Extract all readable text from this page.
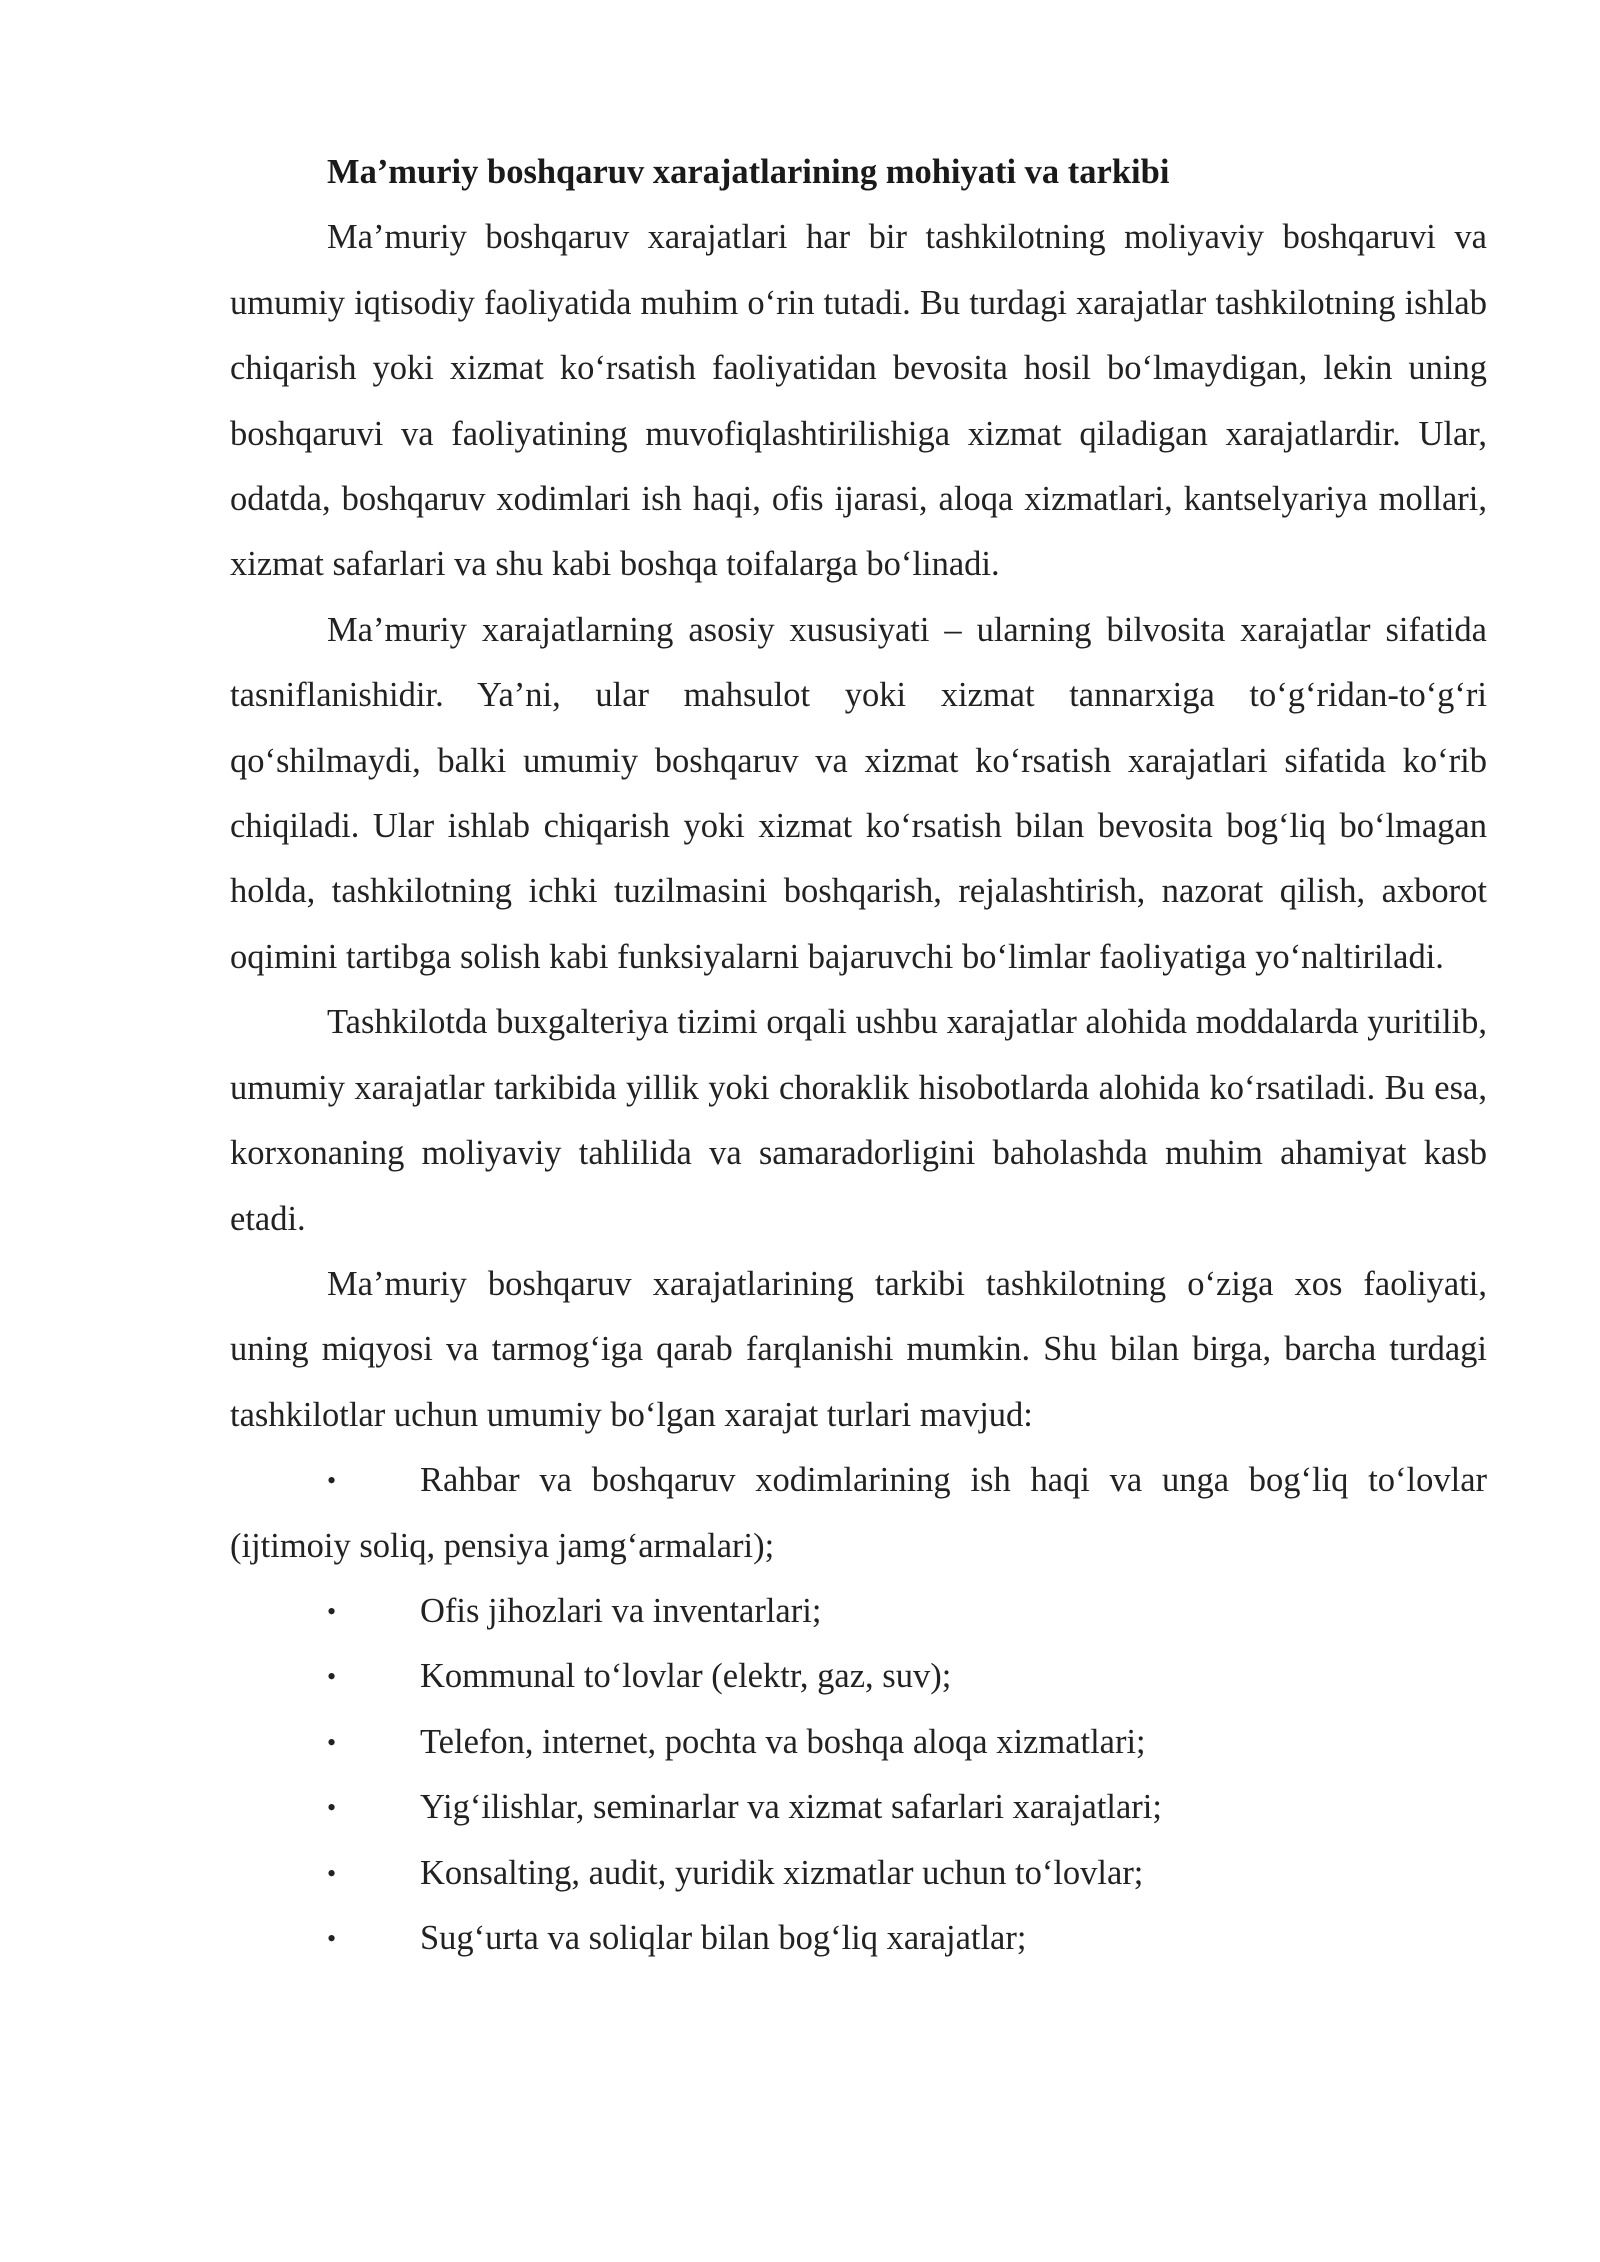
Ma’muriy boshqaruv xarajatlarining mohiyati va tarkibi

Ma’muriy boshqaruv xarajatlari har bir tashkilotning moliyaviy boshqaruvi va umumiy iqtisodiy faoliyatida muhim o‘rin tutadi. Bu turdagi xarajatlar tashkilotning ishlab chiqarish yoki xizmat ko‘rsatish faoliyatidan bevosita hosil bo‘lmaydigan, lekin uning boshqaruvi va faoliyatining muvofiqlashtirilishiga xizmat qiladigan xarajatlardir. Ular, odatda, boshqaruv xodimlari ish haqi, ofis ijarasi, aloqa xizmatlari, kantselyariya mollari, xizmat safarlari va shu kabi boshqa toifalarga bo‘linadi.

Ma’muriy xarajatlarning asosiy xususiyati – ularning bilvosita xarajatlar sifatida tasniflanishidir. Ya’ni, ular mahsulot yoki xizmat tannarxiga to‘g‘ridan-to‘g‘ri qo‘shilmaydi, balki umumiy boshqaruv va xizmat ko‘rsatish xarajatlari sifatida ko‘rib chiqiladi. Ular ishlab chiqarish yoki xizmat ko‘rsatish bilan bevosita bog‘liq bo‘lmagan holda, tashkilotning ichki tuzilmasini boshqarish, rejalashtirish, nazorat qilish, axborot oqimini tartibga solish kabi funksiyalarni bajaruvchi bo‘limlar faoliyatiga yo‘naltiriladi.

Tashkilotda buxgalteriya tizimi orqali ushbu xarajatlar alohida moddalarda yuritilib, umumiy xarajatlar tarkibida yillik yoki choraklik hisobotlarda alohida ko‘rsatiladi. Bu esa, korxonaning moliyaviy tahlilida va samaradorligini baholashda muhim ahamiyat kasb etadi.

Ma’muriy boshqaruv xarajatlarining tarkibi tashkilotning o‘ziga xos faoliyati, uning miqyosi va tarmog‘iga qarab farqlanishi mumkin. Shu bilan birga, barcha turdagi tashkilotlar uchun umumiy bo‘lgan xarajat turlari mavjud:

• Rahbar va boshqaruv xodimlarining ish haqi va unga bog‘liq to‘lovlar (ijtimoiy soliq, pensiya jamg‘armalari);
• Ofis jihozlari va inventarlari;
• Kommunal to‘lovlar (elektr, gaz, suv);
• Telefon, internet, pochta va boshqa aloqa xizmatlari;
• Yig‘ilishlar, seminarlar va xizmat safarlari xarajatlari;
• Konsalting, audit, yuridik xizmatlar uchun to‘lovlar;
• Sug‘urta va soliqlar bilan bog‘liq xarajatlar;
